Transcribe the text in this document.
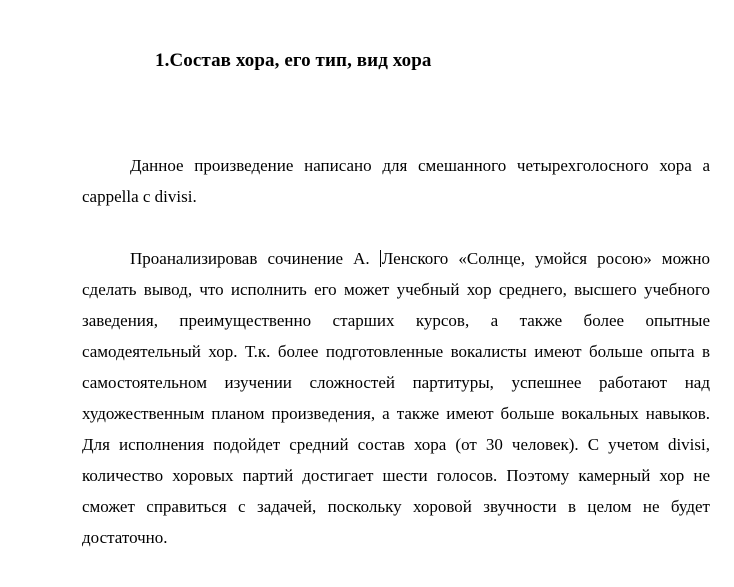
1.Состав хора, его тип, вид хора

Данное произведение написано для смешанного четырехголосного хора a cappella c divisi.

Проанализировав сочинение А. Ленского «Солнце, умойся росою» можно сделать вывод, что исполнить его может учебный хор среднего, высшего учебного заведения, преимущественно старших курсов, а также более опытные самодеятельный хор. Т.к. более подготовленные вокалисты имеют больше опыта в самостоятельном изучении сложностей партитуры, успешнее работают над художественным планом произведения, а также имеют больше вокальных навыков. Для исполнения подойдет средний состав хора (от 30 человек). С учетом divisi, количество хоровых партий достигает шести голосов. Поэтому камерный хор не сможет справиться с задачей, поскольку хоровой звучности в целом не будет достаточно.
